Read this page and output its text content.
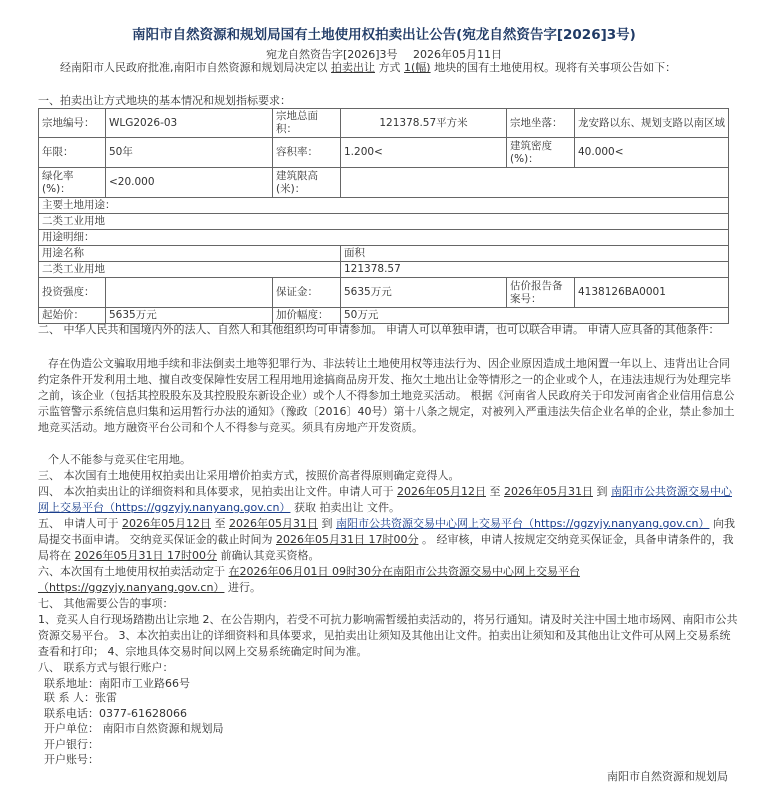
南阳市自然资源和规划局国有土地使用权拍卖出让公告(宛龙自然资告字[2026]3号)
宛龙自然资告字[2026]3号 2026年05月11日
经南阳市人民政府批准,南阳市自然资源和规划局决定以 拍卖出让 方式 1(幅) 地块的国有土地使用权。现将有关事项公告如下：
一、拍卖出让方式地块的基本情况和规划指标要求：
宗地编号：	WLG2026-03	宗地总面积：	121378.57平方米	宗地坐落：	龙安路以东、规划支路以南区域
年限：	50年	容积率：	1.200<	建筑密度(%)：	40.000<
绿化率(%)：	<20.000	建筑限高(米)：			
主要土地用途：					
二类工业用地					
用途明细：					
用途名称			面积		
二类工业用地			121378.57		
投资强度：		保证金：	5635万元	估价报告备案号：	4138126BA0001
起始价：	5635万元	加价幅度：	50万元		
二、 中华人民共和国境内外的法人、自然人和其他组织均可申请参加。 申请人可以单独申请，也可以联合申请。 申请人应具备的其他条件：
存在伪造公文骗取用地手续和非法倒卖土地等犯罪行为、非法转让土地使用权等违法行为、因企业原因造成土地闲置一年以上、违背出让合同约定条件开发利用土地、擅自改变保障性安居工程用地用途搞商品房开发、拖欠土地出让金等情形之一的企业或个人，在违法违规行为处理完毕之前，该企业（包括其控股股东及其控股股东新设企业）或个人不得参加土地竞买活动。 根据《河南省人民政府关于印发河南省企业信用信息公示监管警示系统信息归集和运用暂行办法的通知》（豫政〔2016〕40号）第十八条之规定，对被列入严重违法失信企业名单的企业，禁止参加土地竞买活动。地方融资平台公司和个人不得参与竞买。须具有房地产开发资质。
个人不能参与竞买住宅用地。
三、 本次国有土地使用权拍卖出让采用增价拍卖方式，按照价高者得原则确定竞得人。
四、 本次拍卖出让的详细资料和具体要求，见拍卖出让文件。申请人可于 2026年05月12日 至 2026年05月31日 到 南阳市公共资源交易中心网上交易平台（https://ggzyjy.nanyang.gov.cn） 获取 拍卖出让 文件。
五、 申请人可于 2026年05月12日 至 2026年05月31日 到 南阳市公共资源交易中心网上交易平台（https://ggzyjy.nanyang.gov.cn） 向我局提交书面申请。 交纳竞买保证金的截止时间为 2026年05月31日 17时00分 。 经审核，申请人按规定交纳竞买保证金，具备申请条件的，我局将在 2026年05月31日 17时00分 前确认其竞买资格。
六、本次国有土地使用权拍卖活动定于 在2026年06月01日 09时30分在南阳市公共资源交易中心网上交易平台（https://ggzyjy.nanyang.gov.cn） 进行。
七、 其他需要公告的事项：
1、竞买人自行现场踏勘出让宗地 2、在公告期内，若受不可抗力影响需暂缓拍卖活动的，将另行通知。请及时关注中国土地市场网、南阳市公共资源交易平台。 3、本次拍卖出让的详细资料和具体要求，见拍卖出让须知及其他出让文件。拍卖出让须知和及其他出让文件可从网上交易系统查看和打印； 4、宗地具体交易时间以网上交易系统确定时间为准。
八、 联系方式与银行账户：
联系地址：南阳市工业路66号
联 系 人：张雷
联系电话：0377-61628066
开户单位： 南阳市自然资源和规划局
开户银行：
开户账号：
南阳市自然资源和规划局
